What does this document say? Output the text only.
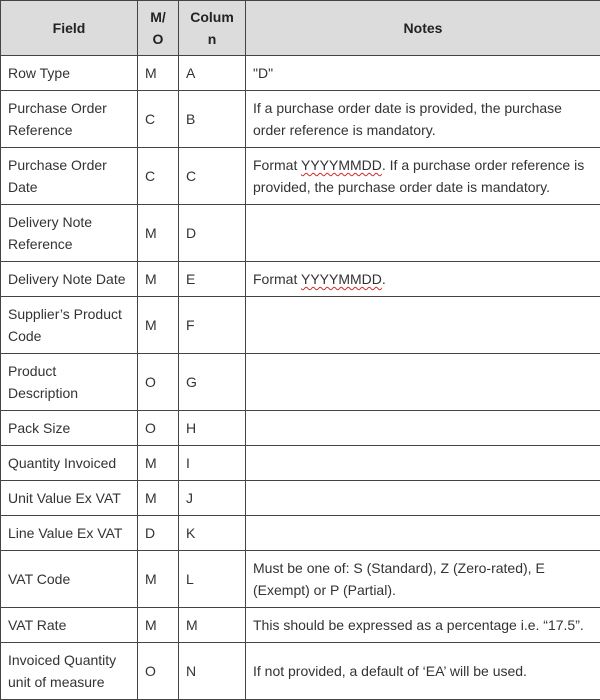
Field	M/O	Column	Notes
Row Type	M	A	"D"
Purchase Order Reference	C	B	If a purchase order date is provided, the purchase order reference is mandatory.
Purchase Order Date	C	C	Format YYYYMMDD. If a purchase order reference is provided, the purchase order date is mandatory.
Delivery Note Reference	M	D	
Delivery Note Date	M	E	Format YYYYMMDD.
Supplier’s Product Code	M	F	
Product Description	O	G	
Pack Size	O	H	
Quantity Invoiced	M	I	
Unit Value Ex VAT	M	J	
Line Value Ex VAT	D	K	
VAT Code	M	L	Must be one of: S (Standard), Z (Zero-rated), E (Exempt) or P (Partial).
VAT Rate	M	M	This should be expressed as a percentage i.e. “17.5”.
Invoiced Quantity unit of measure	O	N	If not provided, a default of ‘EA’ will be used.
